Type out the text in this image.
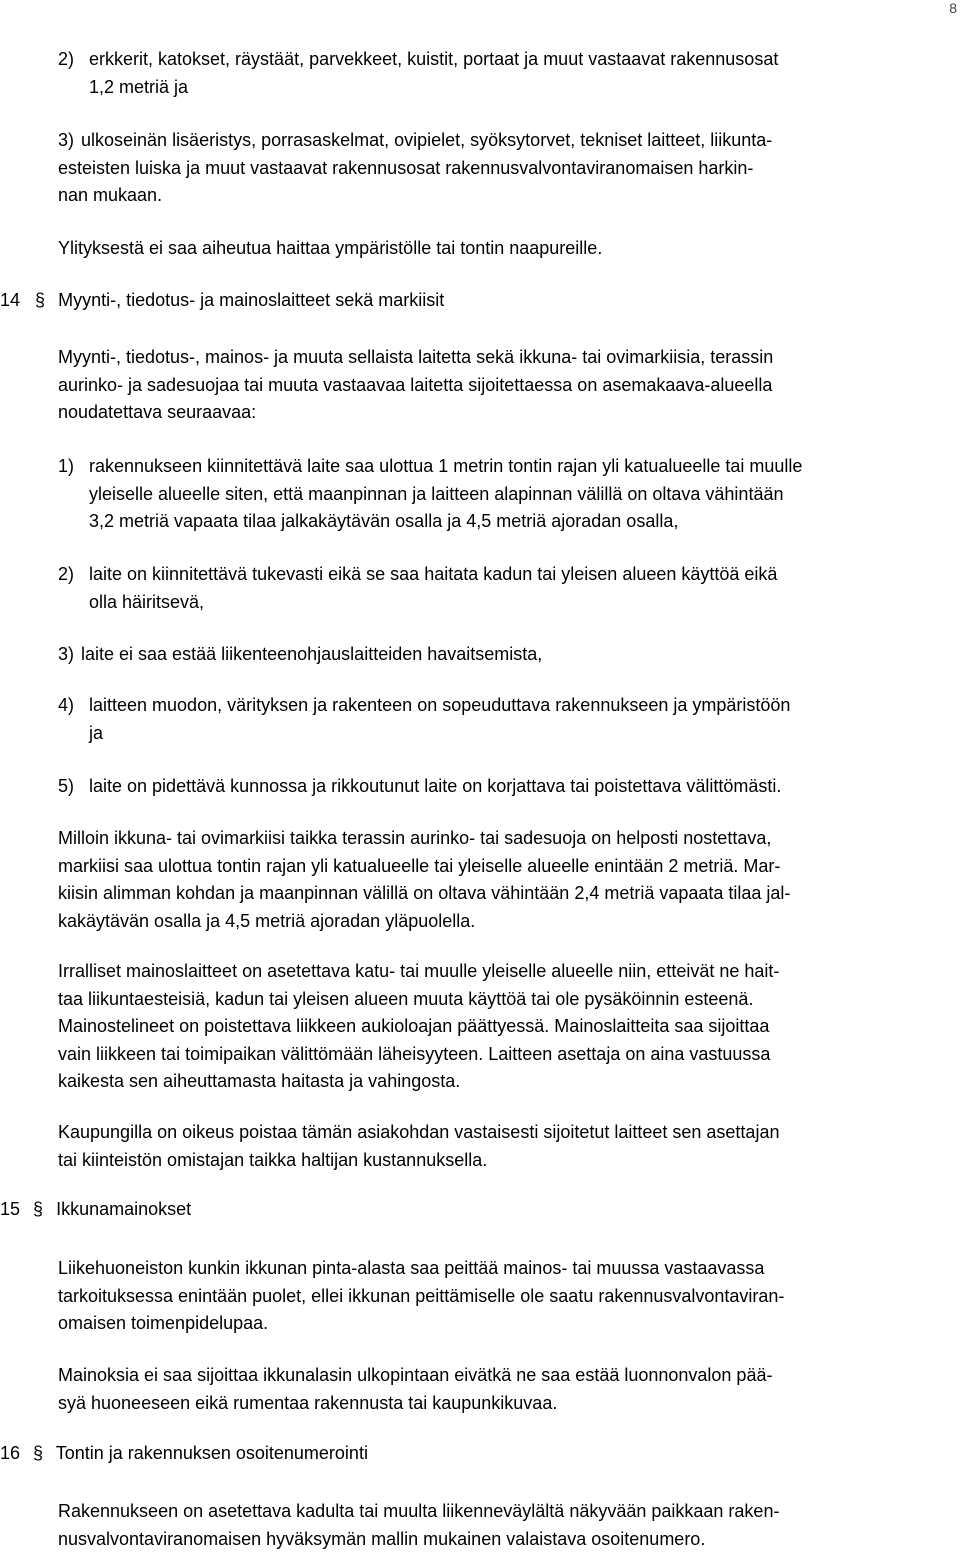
8
2) erkkerit, katokset, räystäät, parvekkeet, kuistit, portaat ja muut vastaavat rakennusosat
1,2 metriä ja

3) ulkoseinän lisäeristys, porrasaskelmat, ovipielet, syöksytorvet, tekniset laitteet, liikunta-
esteisten luiska ja muut vastaavat rakennusosat rakennusvalvontaviranomaisen harkin-
nan mukaan.

Ylityksestä ei saa aiheutua haittaa ympäristölle tai tontin naapureille.

14 § Myynti-, tiedotus- ja mainoslaitteet sekä markiisit

Myynti-, tiedotus-, mainos- ja muuta sellaista laitetta sekä ikkuna- tai ovimarkiisia, terassin
aurinko- ja sadesuojaa tai muuta vastaavaa laitetta sijoitettaessa on asemakaava-alueella
noudatettava seuraavaa:

1) rakennukseen kiinnitettävä laite saa ulottua 1 metrin tontin rajan yli katualueelle tai muulle
yleiselle alueelle siten, että maanpinnan ja laitteen alapinnan välillä on oltava vähintään
3,2 metriä vapaata tilaa jalkakäytävän osalla ja 4,5 metriä ajoradan osalla,

2) laite on kiinnitettävä tukevasti eikä se saa haitata kadun tai yleisen alueen käyttöä eikä
olla häiritsevä,

3) laite ei saa estää liikenteenohjauslaitteiden havaitsemista,

4) laitteen muodon, värityksen ja rakenteen on sopeuduttava rakennukseen ja ympäristöön
ja

5) laite on pidettävä kunnossa ja rikkoutunut laite on korjattava tai poistettava välittömästi.

Milloin ikkuna- tai ovimarkiisi taikka terassin aurinko- tai sadesuoja on helposti nostettava,
markiisi saa ulottua tontin rajan yli katualueelle tai yleiselle alueelle enintään 2 metriä. Mar-
kiisin alimman kohdan ja maanpinnan välillä on oltava vähintään 2,4 metriä vapaata tilaa jal-
kakäytävän osalla ja 4,5 metriä ajoradan yläpuolella.

Irralliset mainoslaitteet on asetettava katu- tai muulle yleiselle alueelle niin, etteivät ne hait-
taa liikuntaesteisiä, kadun tai yleisen alueen muuta käyttöä tai ole pysäköinnin esteenä.
Mainostelineet on poistettava liikkeen aukioloajan päättyessä. Mainoslaitteita saa sijoittaa
vain liikkeen tai toimipaikan välittömään läheisyyteen. Laitteen asettaja on aina vastuussa
kaikesta sen aiheuttamasta haitasta ja vahingosta.

Kaupungilla on oikeus poistaa tämän asiakohdan vastaisesti sijoitetut laitteet sen asettajan
tai kiinteistön omistajan taikka haltijan kustannuksella.

15 § Ikkunamainokset

Liikehuoneiston kunkin ikkunan pinta-alasta saa peittää mainos- tai muussa vastaavassa
tarkoituksessa enintään puolet, ellei ikkunan peittämiselle ole saatu rakennusvalvontaviran-
omaisen toimenpidelupaa.

Mainoksia ei saa sijoittaa ikkunalasin ulkopintaan eivätkä ne saa estää luonnonvalon pää-
syä huoneeseen eikä rumentaa rakennusta tai kaupunkikuvaa.

16 § Tontin ja rakennuksen osoitenumerointi

Rakennukseen on asetettava kadulta tai muulta liikenneväylältä näkyvään paikkaan raken-
nusvalvontaviranomaisen hyväksymän mallin mukainen valaistava osoitenumero.
